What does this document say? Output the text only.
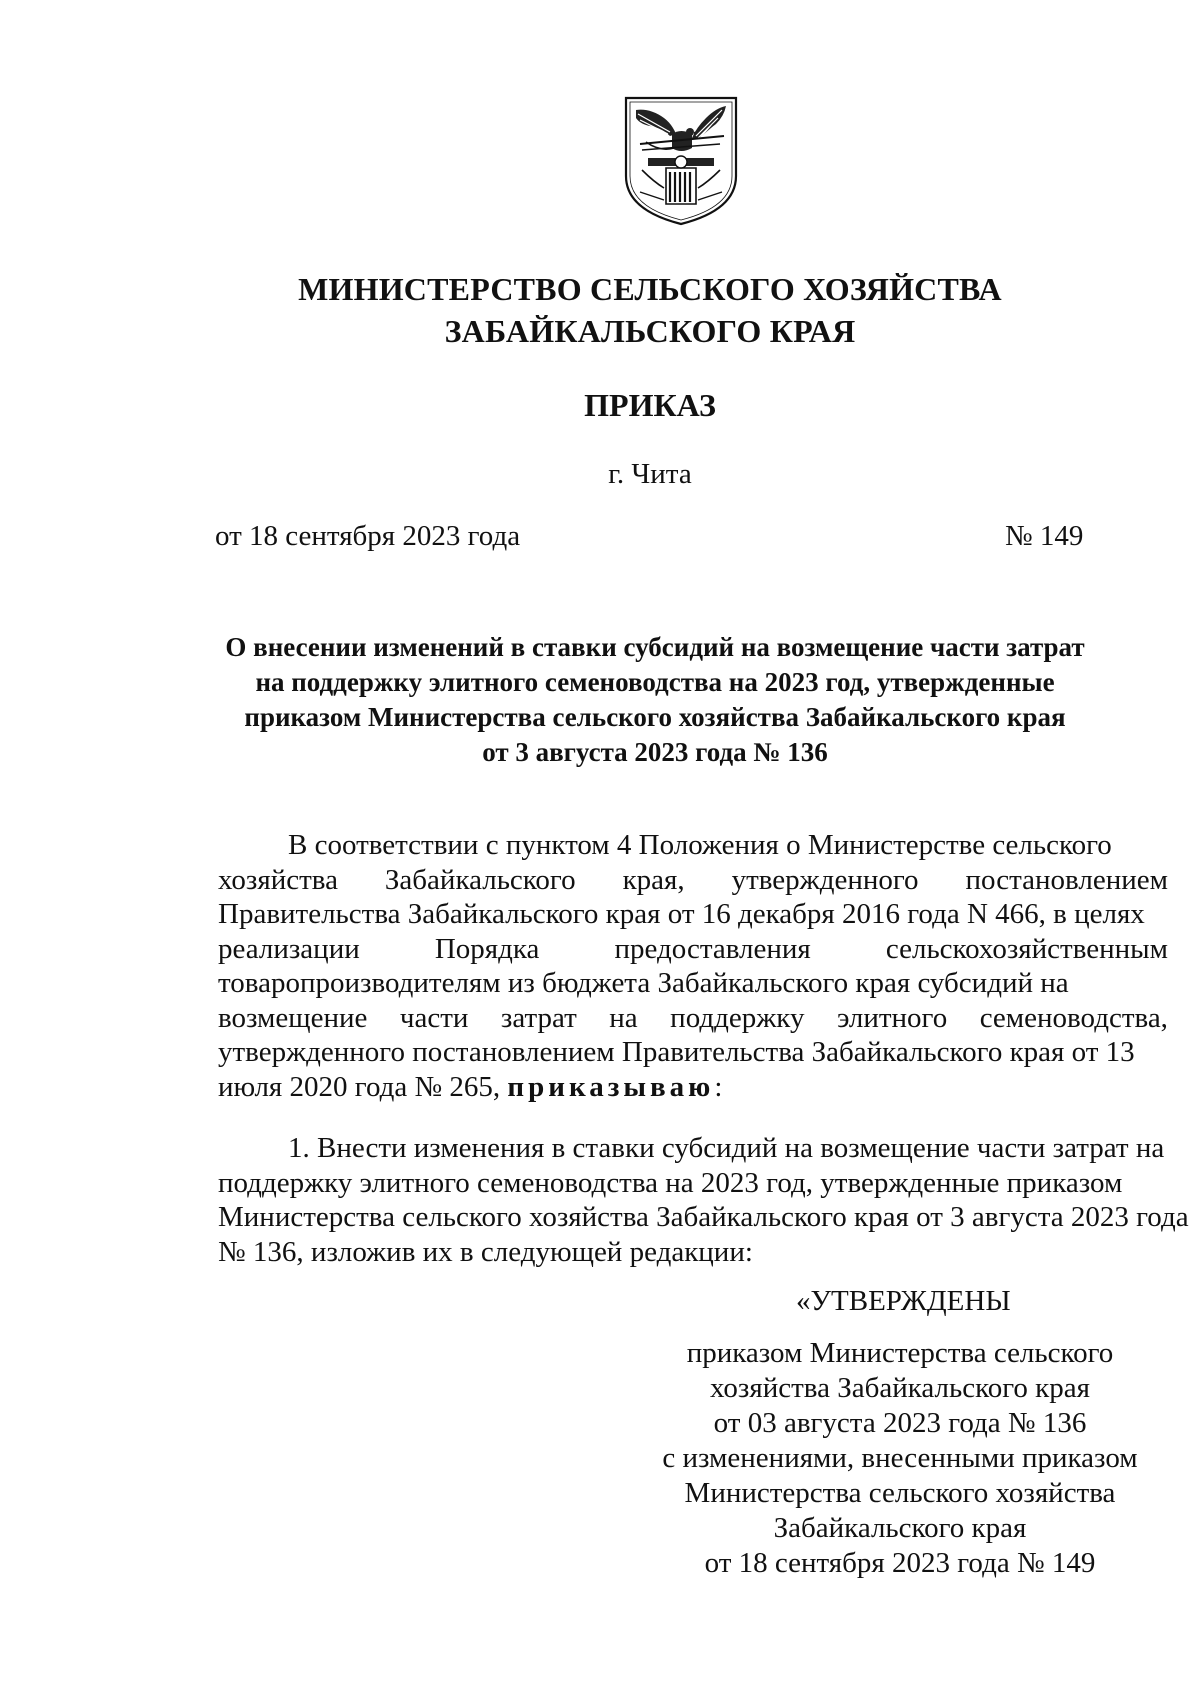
МИНИСТЕРСТВО СЕЛЬСКОГО ХОЗЯЙСТВА
ЗАБАЙКАЛЬСКОГО КРАЯ
ПРИКАЗ
г. Чита
от 18 сентября 2023 года	№ 149
О внесении изменений в ставки субсидий на возмещение части затрат
на поддержку элитного семеноводства на 2023 год, утвержденные
приказом Министерства сельского хозяйства Забайкальского края
от 3 августа 2023 года № 136
В соответствии с пунктом 4 Положения о Министерстве сельского
хозяйства Забайкальского края, утвержденного постановлением
Правительства Забайкальского края от 16 декабря 2016 года N 466, в целях
реализации	Порядка	предоставления	сельскохозяйственным
товаропроизводителям из бюджета Забайкальского края субсидий на
возмещение части затрат на поддержку элитного семеноводства,
утвержденного постановлением Правительства Забайкальского края от 13
июля 2020 года № 265, приказываю :
1. Внести изменения в ставки субсидий на возмещение части затрат на
поддержку элитного семеноводства на 2023 год, утвержденные приказом
Министерства сельского хозяйства Забайкальского края от 3 августа 2023 года
№ 136, изложив их в следующей редакции:
«УТВЕРЖДЕНЫ
приказом Министерства сельского
хозяйства Забайкальского края
от 03 августа 2023 года № 136
с изменениями, внесенными приказом
Министерства сельского хозяйства
Забайкальского края
от 18 сентября 2023 года № 149
